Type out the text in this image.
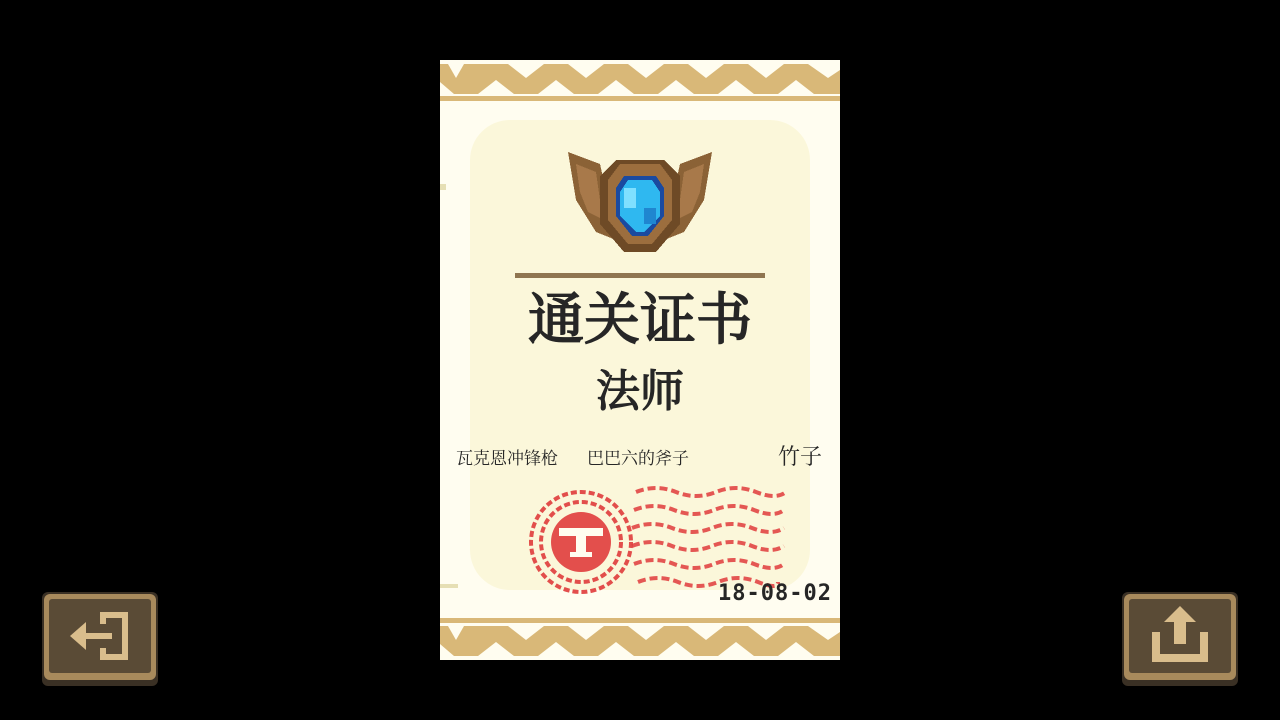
通关证书
法师
瓦克恩冲锋枪 巴巴六的斧子	竹子
18-08-02
